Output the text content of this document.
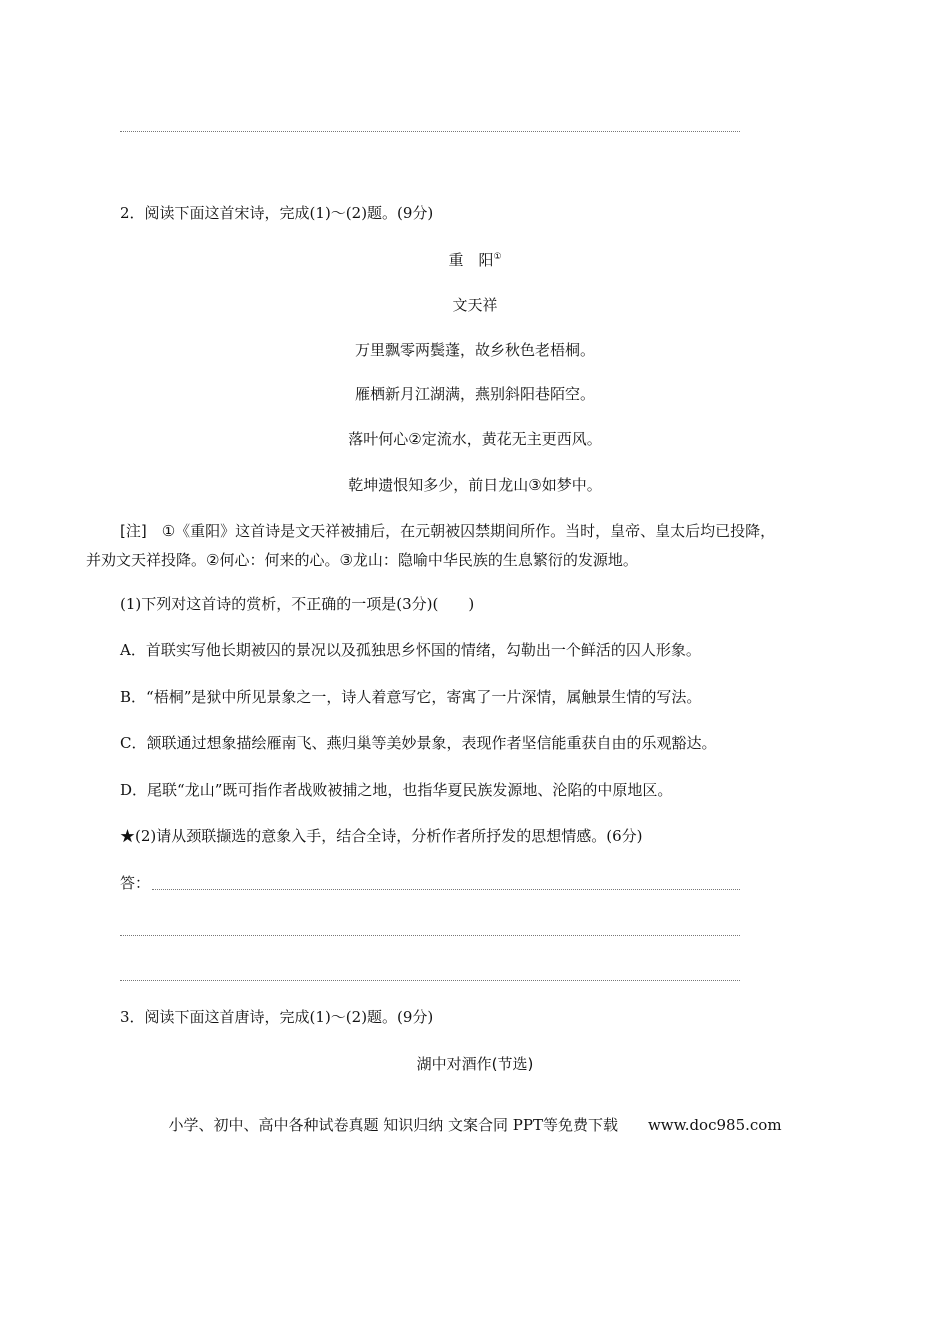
2．阅读下面这首宋诗，完成(1)～(2)题。(9分)
重　阳①
文天祥
万里飘零两鬓蓬，故乡秋色老梧桐。
雁栖新月江湖满，燕别斜阳巷陌空。
落叶何心②定流水，黄花无主更西风。
乾坤遗恨知多少，前日龙山③如梦中。
[注]　①《重阳》这首诗是文天祥被捕后，在元朝被囚禁期间所作。当时，皇帝、皇太后均已投降，
并劝文天祥投降。②何心：何来的心。③龙山：隐喻中华民族的生息繁衍的发源地。
(1)下列对这首诗的赏析，不正确的一项是(3分)(　　)
A．首联实写他长期被囚的景况以及孤独思乡怀国的情绪，勾勒出一个鲜活的囚人形象。
B．“梧桐”是狱中所见景象之一，诗人着意写它，寄寓了一片深情，属触景生情的写法。
C．颔联通过想象描绘雁南飞、燕归巢等美妙景象，表现作者坚信能重获自由的乐观豁达。
D．尾联“龙山”既可指作者战败被捕之地，也指华夏民族发源地、沦陷的中原地区。
★(2)请从颈联撷选的意象入手，结合全诗，分析作者所抒发的思想情感。(6分)
答：
3．阅读下面这首唐诗，完成(1)～(2)题。(9分)
湖中对酒作(节选)
小学、初中、高中各种试卷真题 知识归纳 文案合同 PPT等免费下载　　www.doc985.com
